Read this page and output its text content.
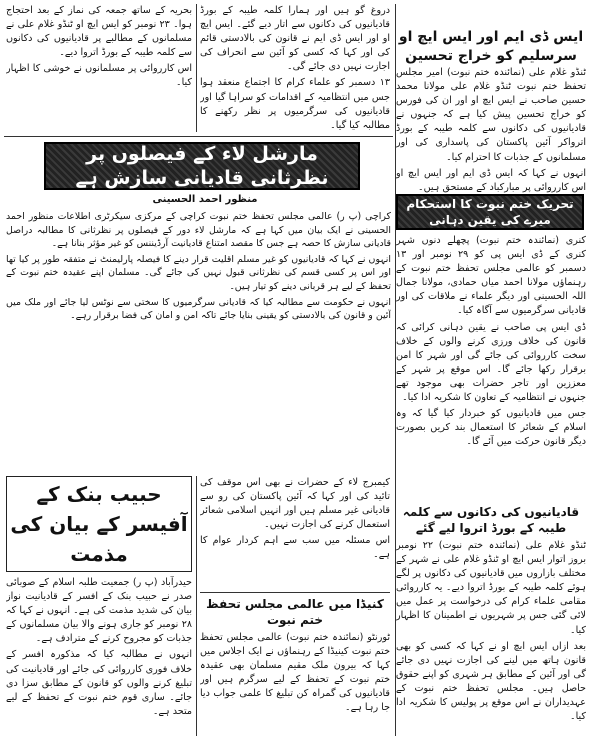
ایس ڈی ایم اور ایس ایچ او سرسلیم کو خراج تحسین

ٹنڈو غلام علی (نمائندہ ختم نبوت) امیر مجلس تحفظ ختم نبوت ٹنڈو غلام علی مولانا محمد حسین صاحب نے ایس ایچ او اور ان کی فورس کو خراج تحسین پیش کیا ہے کہ جنہوں نے قادیانیوں کی دکانوں سے کلمہ طیبہ کے بورڈ اترواکر آئین پاکستان کی پاسداری کی اور مسلمانوں کے جذبات کا احترام کیا۔

انہوں نے کہا کہ ایس ڈی ایم اور ایس ایچ او اس کارروائی پر مبارکباد کے مستحق ہیں۔

تحریک ختم نبوت کا استحکام میرے کی یقین دہانی

کنری (نمائندہ ختم نبوت) پچھلے دنوں شہر کنری کے ڈی ایس پی کو ۲۹ نومبر اور ۱۳ دسمبر کو عالمی مجلس تحفظ ختم نبوت کے رہنماؤں مولانا احمد میاں حمادی، مولانا جمال اللہ الحسینی اور دیگر علماء نے ملاقات کی اور قادیانی سرگرمیوں سے آگاہ کیا۔

ڈی ایس پی صاحب نے یقین دہانی کرائی کہ قانون کی خلاف ورزی کرنے والوں کے خلاف سخت کارروائی کی جائے گی اور شہر کا امن برقرار رکھا جائے گا۔ اس موقع پر شہر کے معززین اور تاجر حضرات بھی موجود تھے جنہوں نے انتظامیہ کے تعاون کا شکریہ ادا کیا۔

جس میں قادیانیوں کو خبردار کیا گیا کہ وہ اسلام کے شعائر کا استعمال بند کریں بصورت دیگر قانون حرکت میں آئے گا۔

قادیانیوں کی دکانوں سے کلمہ طیبہ کے بورڈ اتروا لیے گئے

ٹنڈو غلام علی (نمائندہ ختم نبوت) ۲۲ نومبر بروز اتوار ایس ایچ او ٹنڈو غلام علی نے شہر کے مختلف بازاروں میں قادیانیوں کی دکانوں پر لگے ہوئے کلمہ طیبہ کے بورڈ اتروا دیے۔ یہ کارروائی مقامی علماء کرام کی درخواست پر عمل میں لائی گئی جس پر شہریوں نے اطمینان کا اظہار کیا۔

بعد ازاں ایس ایچ او نے کہا کہ کسی کو بھی قانون ہاتھ میں لینے کی اجازت نہیں دی جائے گی اور آئین کے مطابق ہر شہری کو اپنے حقوق حاصل ہیں۔ مجلس تحفظ ختم نبوت کے عہدیداران نے اس موقع پر پولیس کا شکریہ ادا کیا۔

دروغ گو ہیں اور ہمارا کلمہ طیبہ کے بورڈ قادیانیوں کی دکانوں سے اتار دیے گئے۔ ایس ایچ او اور ایس ڈی ایم نے قانون کی بالادستی قائم کی اور کہا کہ کسی کو آئین سے انحراف کی اجازت نہیں دی جائے گی۔

۱۳ دسمبر کو علماء کرام کا اجتماع منعقد ہوا جس میں انتظامیہ کے اقدامات کو سراہا گیا اور قادیانیوں کی سرگرمیوں پر نظر رکھنے کا مطالبہ کیا گیا۔

بحریہ کے ساتھ جمعہ کی نماز کے بعد احتجاج ہوا۔ ۲۳ نومبر کو ایس ایچ او ٹنڈو غلام علی نے مسلمانوں کے مطالبے پر قادیانیوں کی دکانوں سے کلمہ طیبہ کے بورڈ اتروا دیے۔

اس کارروائی پر مسلمانوں نے خوشی کا اظہار کیا۔

مارشل لاء کے فیصلوں پر نظرثانی قادیانی سازش ہے
منظور احمد الحسینی

کراچی (پ ر) عالمی مجلس تحفظ ختم نبوت کراچی کے مرکزی سیکرٹری اطلاعات منظور احمد الحسینی نے ایک بیان میں کہا ہے کہ مارشل لاء دور کے فیصلوں پر نظرثانی کا مطالبہ دراصل قادیانی سازش کا حصہ ہے جس کا مقصد امتناع قادیانیت آرڈیننس کو غیر مؤثر بنانا ہے۔

انہوں نے کہا کہ قادیانیوں کو غیر مسلم اقلیت قرار دینے کا فیصلہ پارلیمنٹ نے متفقہ طور پر کیا تھا اور اس پر کسی قسم کی نظرثانی قبول نہیں کی جائے گی۔ مسلمان اپنے عقیدہ ختم نبوت کے تحفظ کے لیے ہر قربانی دینے کو تیار ہیں۔

انہوں نے حکومت سے مطالبہ کیا کہ قادیانی سرگرمیوں کا سختی سے نوٹس لیا جائے اور ملک میں آئین و قانون کی بالادستی کو یقینی بنایا جائے تاکہ امن و امان کی فضا برقرار رہے۔

حبیب بنک کے آفیسر کے بیان کی مذمت

حیدرآباد (پ ر) جمعیت طلبہ اسلام کے صوبائی صدر نے حبیب بنک کے افسر کے قادیانیت نواز بیان کی شدید مذمت کی ہے۔ انہوں نے کہا کہ ۲۸ نومبر کو جاری ہونے والا بیان مسلمانوں کے جذبات کو مجروح کرنے کے مترادف ہے۔

انہوں نے مطالبہ کیا کہ مذکورہ افسر کے خلاف فوری کارروائی کی جائے اور قادیانیت کی تبلیغ کرنے والوں کو قانون کے مطابق سزا دی جائے۔ ساری قوم ختم نبوت کے تحفظ کے لیے متحد ہے۔

کیمبرج لاء کے حضرات نے بھی اس موقف کی تائید کی اور کہا کہ آئین پاکستان کی رو سے قادیانی غیر مسلم ہیں اور انہیں اسلامی شعائر استعمال کرنے کی اجازت نہیں۔

اس مسئلہ میں سب سے اہم کردار عوام کا ہے۔

کنیڈا میں عالمی مجلس تحفظ ختم نبوت

ٹورنٹو (نمائندہ ختم نبوت) عالمی مجلس تحفظ ختم نبوت کینیڈا کے رہنماؤں نے ایک اجلاس میں کہا کہ بیرون ملک مقیم مسلمان بھی عقیدہ ختم نبوت کے تحفظ کے لیے سرگرم ہیں اور قادیانیوں کی گمراہ کن تبلیغ کا علمی جواب دیا جا رہا ہے۔
